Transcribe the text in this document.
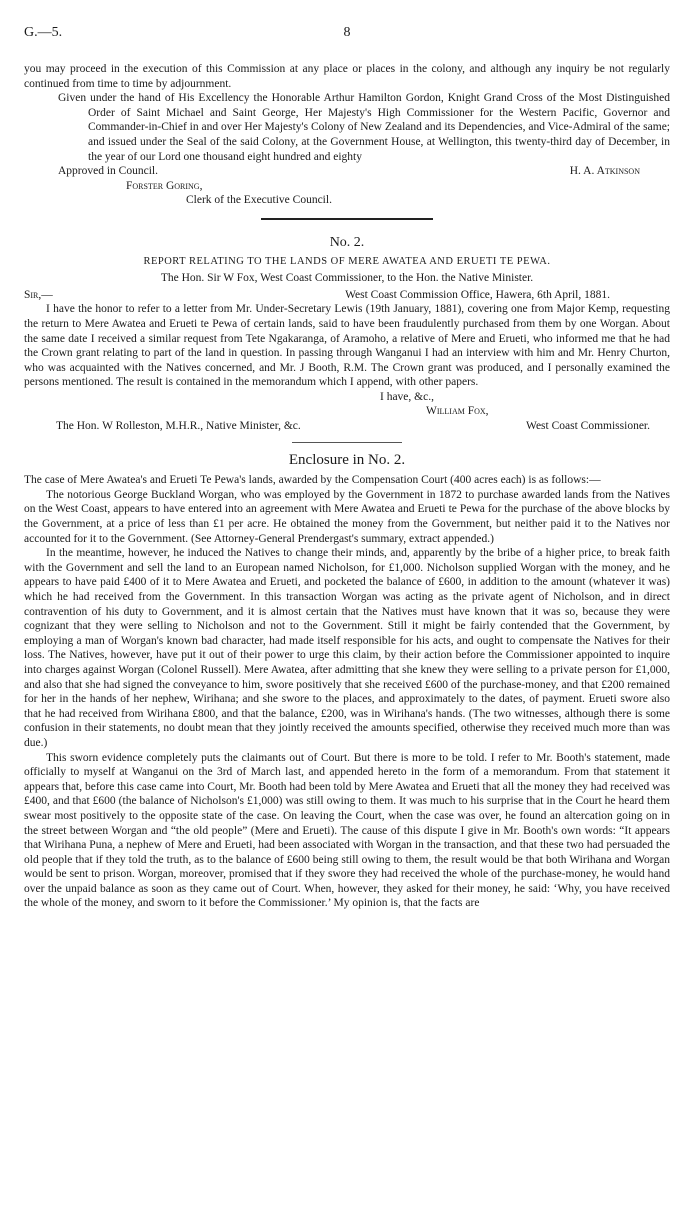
G.—5.	8

you may proceed in the execution of this Commission at any place or places in the colony, and although any inquiry be not regularly continued from time to time by adjournment.

Given under the hand of His Excellency the Honorable Arthur Hamilton Gordon, Knight Grand Cross of the Most Distinguished Order of Saint Michael and Saint George, Her Majesty's High Commissioner for the Western Pacific, Governor and Commander-in-Chief in and over Her Majesty's Colony of New Zealand and its Dependencies, and Vice-Admiral of the same; and issued under the Seal of the said Colony, at the Government House, at Wellington, this twenty-third day of December, in the year of our Lord one thousand eight hundred and eighty

Approved in Council.	H. A. Atkinson

Forster Goring,

Clerk of the Executive Council.

No. 2.
REPORT RELATING TO THE LANDS OF MERE AWATEA AND ERUETI TE PEWA.
The Hon. Sir W Fox, West Coast Commissioner, to the Hon. the Native Minister.
Sir,—	West Coast Commission Office, Hawera, 6th April, 1881.

I have the honor to refer to a letter from Mr. Under-Secretary Lewis (19th January, 1881), covering one from Major Kemp, requesting the return to Mere Awatea and Erueti te Pewa of certain lands, said to have been fraudulently purchased from them by one Worgan. About the same date I received a similar request from Tete Ngakaranga, of Aramoho, a relative of Mere and Erueti, who informed me that he had the Crown grant relating to part of the land in question. In passing through Wanganui I had an interview with him and Mr. Henry Churton, who was acquainted with the Natives concerned, and Mr. J Booth, R.M. The Crown grant was produced, and I personally examined the persons mentioned. The result is contained in the memorandum which I append, with other papers.

I have, &c.,

William Fox,

The Hon. W Rolleston, M.H.R., Native Minister, &c.	West Coast Commissioner.
Enclosure in No. 2.

The case of Mere Awatea's and Erueti Te Pewa's lands, awarded by the Compensation Court (400 acres each) is as follows:—

The notorious George Buckland Worgan, who was employed by the Government in 1872 to purchase awarded lands from the Natives on the West Coast, appears to have entered into an agreement with Mere Awatea and Erueti te Pewa for the purchase of the above blocks by the Government, at a price of less than £1 per acre. He obtained the money from the Government, but neither paid it to the Natives nor accounted for it to the Government. (See Attorney-General Prendergast's summary, extract appended.)

In the meantime, however, he induced the Natives to change their minds, and, apparently by the bribe of a higher price, to break faith with the Government and sell the land to an European named Nicholson, for £1,000. Nicholson supplied Worgan with the money, and he appears to have paid £400 of it to Mere Awatea and Erueti, and pocketed the balance of £600, in addition to the amount (whatever it was) which he had received from the Government. In this transaction Worgan was acting as the private agent of Nicholson, and in direct contravention of his duty to Government, and it is almost certain that the Natives must have known that it was so, because they were cognizant that they were selling to Nicholson and not to the Government. Still it might be fairly contended that the Government, by employing a man of Worgan's known bad character, had made itself responsible for his acts, and ought to compensate the Natives for their loss. The Natives, however, have put it out of their power to urge this claim, by their action before the Commissioner appointed to inquire into charges against Worgan (Colonel Russell). Mere Awatea, after admitting that she knew they were selling to a private person for £1,000, and also that she had signed the conveyance to him, swore positively that she received £600 of the purchase-money, and that £200 remained for her in the hands of her nephew, Wirihana; and she swore to the places, and approximately to the dates, of payment. Erueti swore also that he had received from Wirihana £800, and that the balance, £200, was in Wirihana's hands. (The two witnesses, although there is some confusion in their statements, no doubt mean that they jointly received the amounts specified, otherwise they received much more than was due.)

This sworn evidence completely puts the claimants out of Court. But there is more to be told. I refer to Mr. Booth's statement, made officially to myself at Wanganui on the 3rd of March last, and appended hereto in the form of a memorandum. From that statement it appears that, before this case came into Court, Mr. Booth had been told by Mere Awatea and Erueti that all the money they had received was £400, and that £600 (the balance of Nicholson's £1,000) was still owing to them. It was much to his surprise that in the Court he heard them swear most positively to the opposite state of the case. On leaving the Court, when the case was over, he found an altercation going on in the street between Worgan and “the old people” (Mere and Erueti). The cause of this dispute I give in Mr. Booth's own words: “It appears that Wirihana Puna, a nephew of Mere and Erueti, had been associated with Worgan in the transaction, and that these two had persuaded the old people that if they told the truth, as to the balance of £600 being still owing to them, the result would be that both Wirihana and Worgan would be sent to prison. Worgan, moreover, promised that if they swore they had received the whole of the purchase-money, he would hand over the unpaid balance as soon as they came out of Court. When, however, they asked for their money, he said: ‘Why, you have received the whole of the money, and sworn to it before the Commissioner.’ My opinion is, that the facts are
